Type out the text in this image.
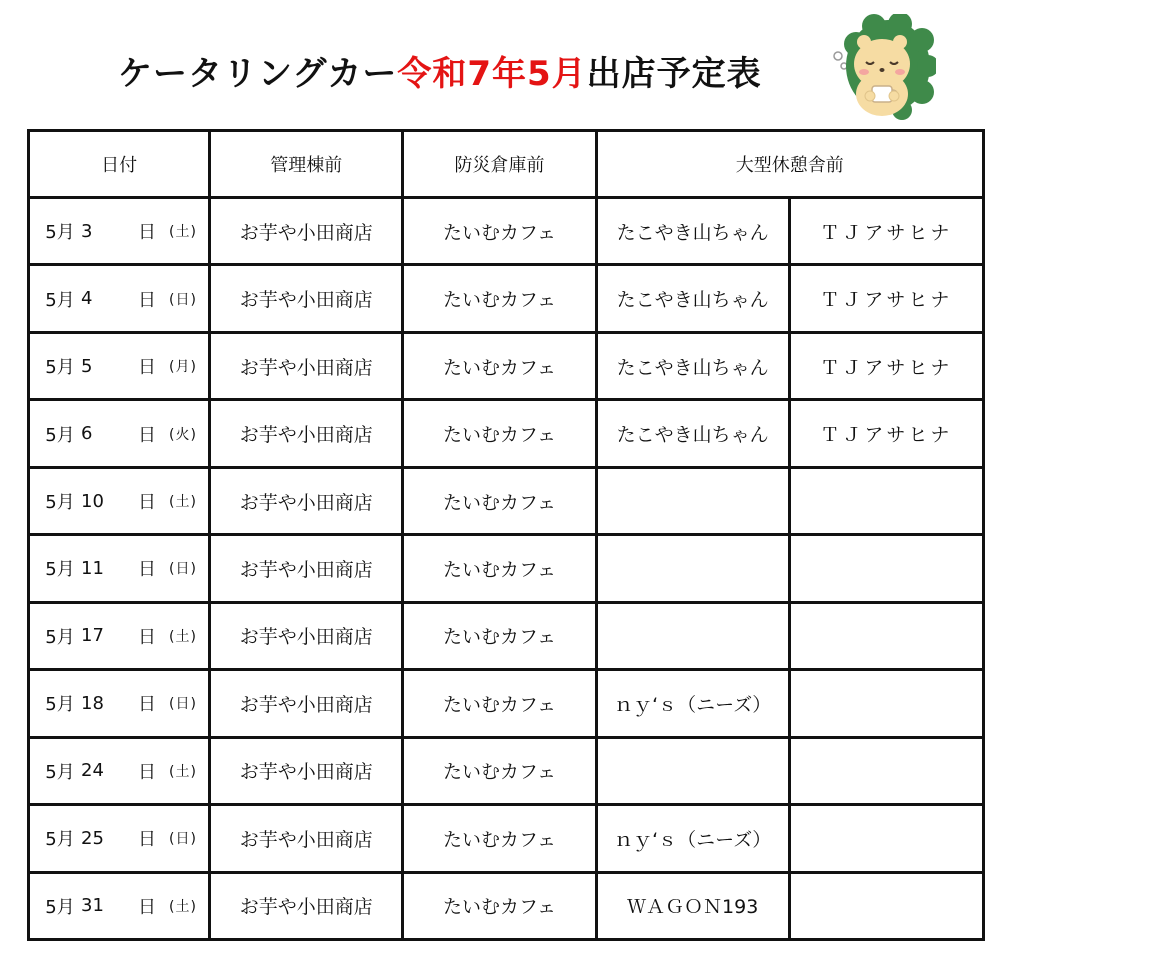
ケータリングカー 令和7年5月 出店予定表
日付	管理棟前	防災倉庫前	大型休憩舎前	

5月 3 日 (土)	お芋や小田商店	たいむカフェ	たこやき山ちゃん	ＴＪアサヒナ

5月 4 日 (日)	お芋や小田商店	たいむカフェ	たこやき山ちゃん	ＴＪアサヒナ

5月 5 日 (月)	お芋や小田商店	たいむカフェ	たこやき山ちゃん	ＴＪアサヒナ

5月 6 日 (火)	お芋や小田商店	たいむカフェ	たこやき山ちゃん	ＴＪアサヒナ

5月 10 日 (土)	お芋や小田商店	たいむカフェ		

5月 11 日 (日)	お芋や小田商店	たいむカフェ		

5月 17 日 (土)	お芋や小田商店	たいむカフェ		

5月 18 日 (日)	お芋や小田商店	たいむカフェ	ｎｙ‘ｓ（ニーズ）	

5月 24 日 (土)	お芋や小田商店	たいむカフェ		

5月 25 日 (日)	お芋や小田商店	たいむカフェ	ｎｙ‘ｓ（ニーズ）	

5月 31 日 (土)	お芋や小田商店	たいむカフェ	ＷＡＧＯＮ193	
